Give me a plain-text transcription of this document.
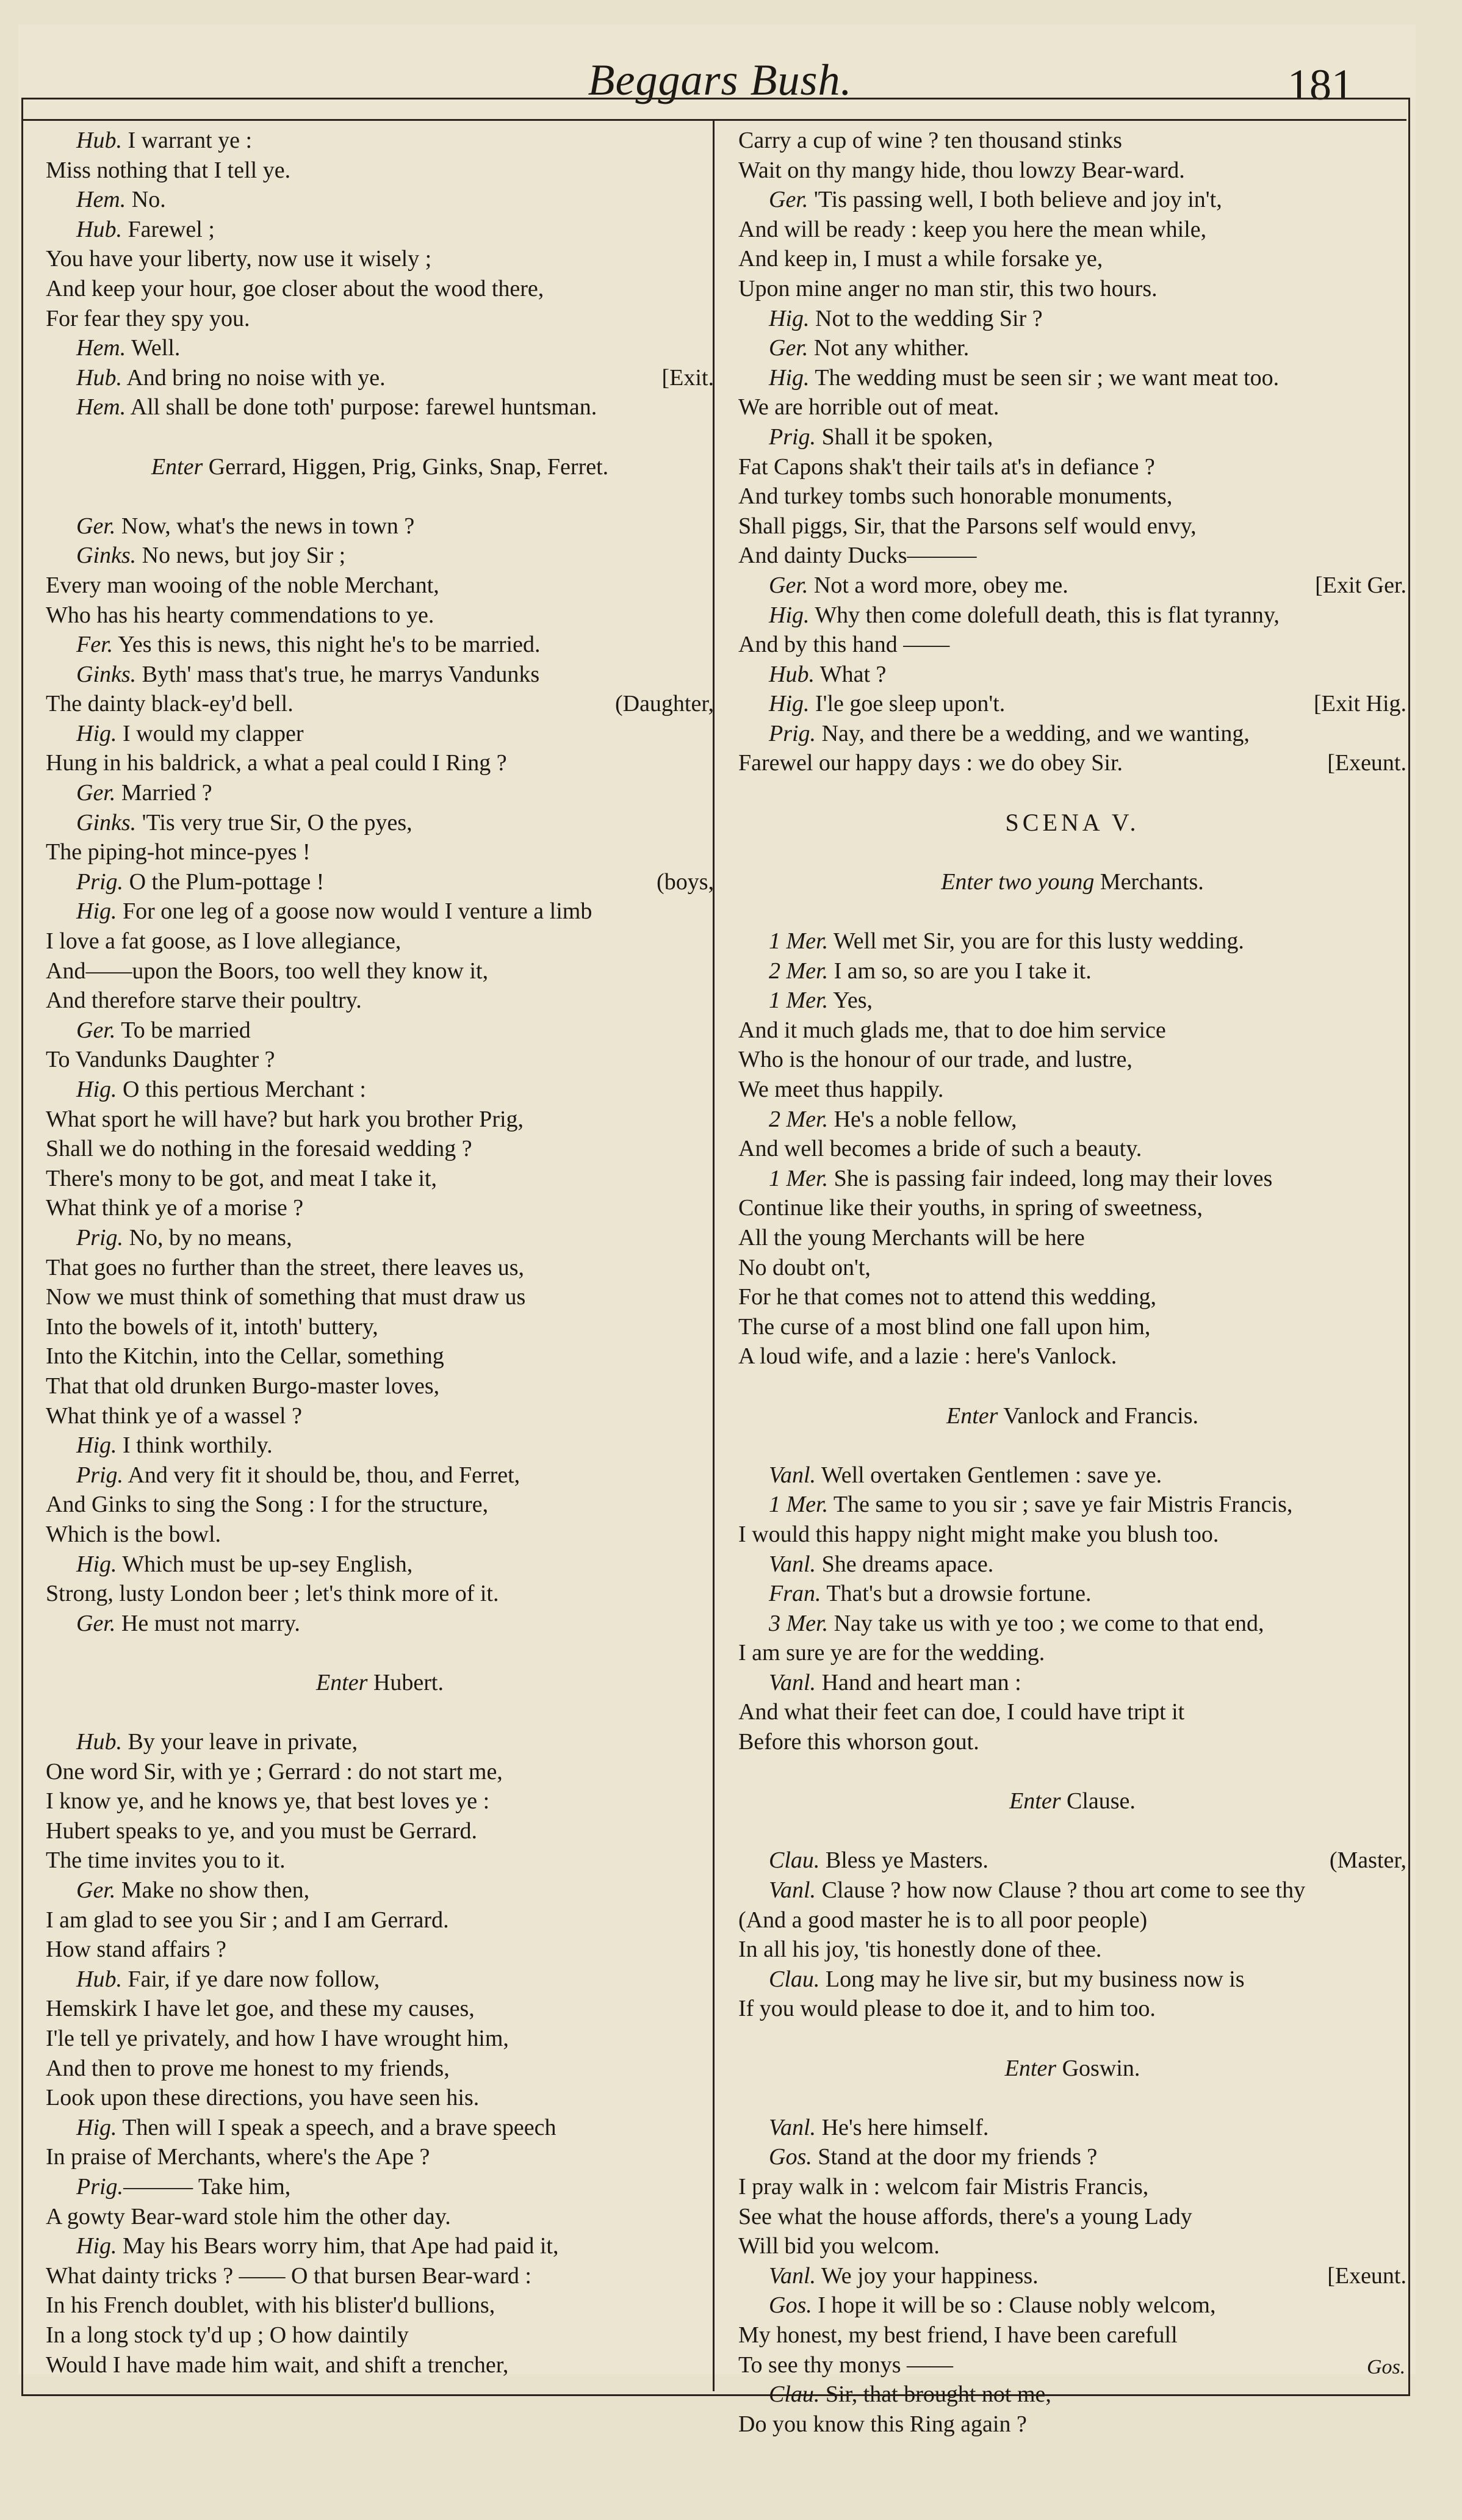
Beggars Bush.	181
Hub. I warrant ye :
Miss nothing that I tell ye.
Hem. No.
Hub. Farewel ;
You have your liberty, now use it wisely ;
And keep your hour, goe closer about the wood there,
For fear they spy you.
Hem. Well.
Hub. And bring no noise with ye.	[Exit.
Hem. All shall be done toth' purpose: farewel huntsman.
Enter Gerrard, Higgen, Prig, Ginks, Snap, Ferret.
Ger. Now, what's the news in town ?
Ginks. No news, but joy Sir ;
Every man wooing of the noble Merchant,
Who has his hearty commendations to ye.
Fer. Yes this is news, this night he's to be married.
Ginks. Byth' mass that's true, he marrys Vandunks
The dainty black-ey'd bell.	(Daughter,
Hig. I would my clapper
Hung in his baldrick, a what a peal could I Ring ?
Ger. Married ?
Ginks. 'Tis very true Sir, O the pyes,
The piping-hot mince-pyes !
Prig. O the Plum-pottage !	(boys,
Hig. For one leg of a goose now would I venture a limb
I love a fat goose, as I love allegiance,
And——upon the Boors, too well they know it,
And therefore starve their poultry.
Ger. To be married
To Vandunks Daughter ?
Hig. O this pertious Merchant :
What sport he will have? but hark you brother Prig,
Shall we do nothing in the foresaid wedding ?
There's mony to be got, and meat I take it,
What think ye of a morise ?
Prig. No, by no means,
That goes no further than the street, there leaves us,
Now we must think of something that must draw us
Into the bowels of it, intoth' buttery,
Into the Kitchin, into the Cellar, something
That that old drunken Burgo-master loves,
What think ye of a wassel ?
Hig. I think worthily.
Prig. And very fit it should be, thou, and Ferret,
And Ginks to sing the Song : I for the structure,
Which is the bowl.
Hig. Which must be up-sey English,
Strong, lusty London beer ; let's think more of it.
Ger. He must not marry.
Enter Hubert.
Hub. By your leave in private,
One word Sir, with ye ; Gerrard : do not start me,
I know ye, and he knows ye, that best loves ye :
Hubert speaks to ye, and you must be Gerrard.
The time invites you to it.
Ger. Make no show then,
I am glad to see you Sir ; and I am Gerrard.
How stand affairs ?
Hub. Fair, if ye dare now follow,
Hemskirk I have let goe, and these my causes,
I'le tell ye privately, and how I have wrought him,
And then to prove me honest to my friends,
Look upon these directions, you have seen his.
Hig. Then will I speak a speech, and a brave speech
In praise of Merchants, where's the Ape ?
Prig.——— Take him,
A gowty Bear-ward stole him the other day.
Hig. May his Bears worry him, that Ape had paid it,
What dainty tricks ? —— O that bursen Bear-ward :
In his French doublet, with his blister'd bullions,
In a long stock ty'd up ; O how daintily
Would I have made him wait, and shift a trencher,
Carry a cup of wine ? ten thousand stinks
Wait on thy mangy hide, thou lowzy Bear-ward.
Ger. 'Tis passing well, I both believe and joy in't,
And will be ready : keep you here the mean while,
And keep in, I must a while forsake ye,
Upon mine anger no man stir, this two hours.
Hig. Not to the wedding Sir ?
Ger. Not any whither.
Hig. The wedding must be seen sir ; we want meat too.
We are horrible out of meat.
Prig. Shall it be spoken,
Fat Capons shak't their tails at's in defiance ?
And turkey tombs such honorable monuments,
Shall piggs, Sir, that the Parsons self would envy,
And dainty Ducks———
Ger. Not a word more, obey me.	[Exit Ger.
Hig. Why then come dolefull death, this is flat tyranny,
And by this hand ——
Hub. What ?
Hig. I'le goe sleep upon't.	[Exit Hig.
Prig. Nay, and there be a wedding, and we wanting,
Farewel our happy days : we do obey Sir.	[Exeunt.
SCENA V.
Enter two young Merchants.
1 Mer. Well met Sir, you are for this lusty wedding.
2 Mer. I am so, so are you I take it.
1 Mer. Yes,
And it much glads me, that to doe him service
Who is the honour of our trade, and lustre,
We meet thus happily.
2 Mer. He's a noble fellow,
And well becomes a bride of such a beauty.
1 Mer. She is passing fair indeed, long may their loves
Continue like their youths, in spring of sweetness,
All the young Merchants will be here
No doubt on't,
For he that comes not to attend this wedding,
The curse of a most blind one fall upon him,
A loud wife, and a lazie : here's Vanlock.
Enter Vanlock and Francis.
Vanl. Well overtaken Gentlemen : save ye.
1 Mer. The same to you sir ; save ye fair Mistris Francis,
I would this happy night might make you blush too.
Vanl. She dreams apace.
Fran. That's but a drowsie fortune.
3 Mer. Nay take us with ye too ; we come to that end,
I am sure ye are for the wedding.
Vanl. Hand and heart man :
And what their feet can doe, I could have tript it
Before this whorson gout.
Enter Clause.
Clau. Bless ye Masters.	(Master,
Vanl. Clause ? how now Clause ? thou art come to see thy
(And a good master he is to all poor people)
In all his joy, 'tis honestly done of thee.
Clau. Long may he live sir, but my business now is
If you would please to doe it, and to him too.
Enter Goswin.
Vanl. He's here himself.
Gos. Stand at the door my friends ?
I pray walk in : welcom fair Mistris Francis,
See what the house affords, there's a young Lady
Will bid you welcom.
Vanl. We joy your happiness.	[Exeunt.
Gos. I hope it will be so : Clause nobly welcom,
My honest, my best friend, I have been carefull
To see thy monys ——
Clau. Sir, that brought not me,
Do you know this Ring again ?
Gos.
